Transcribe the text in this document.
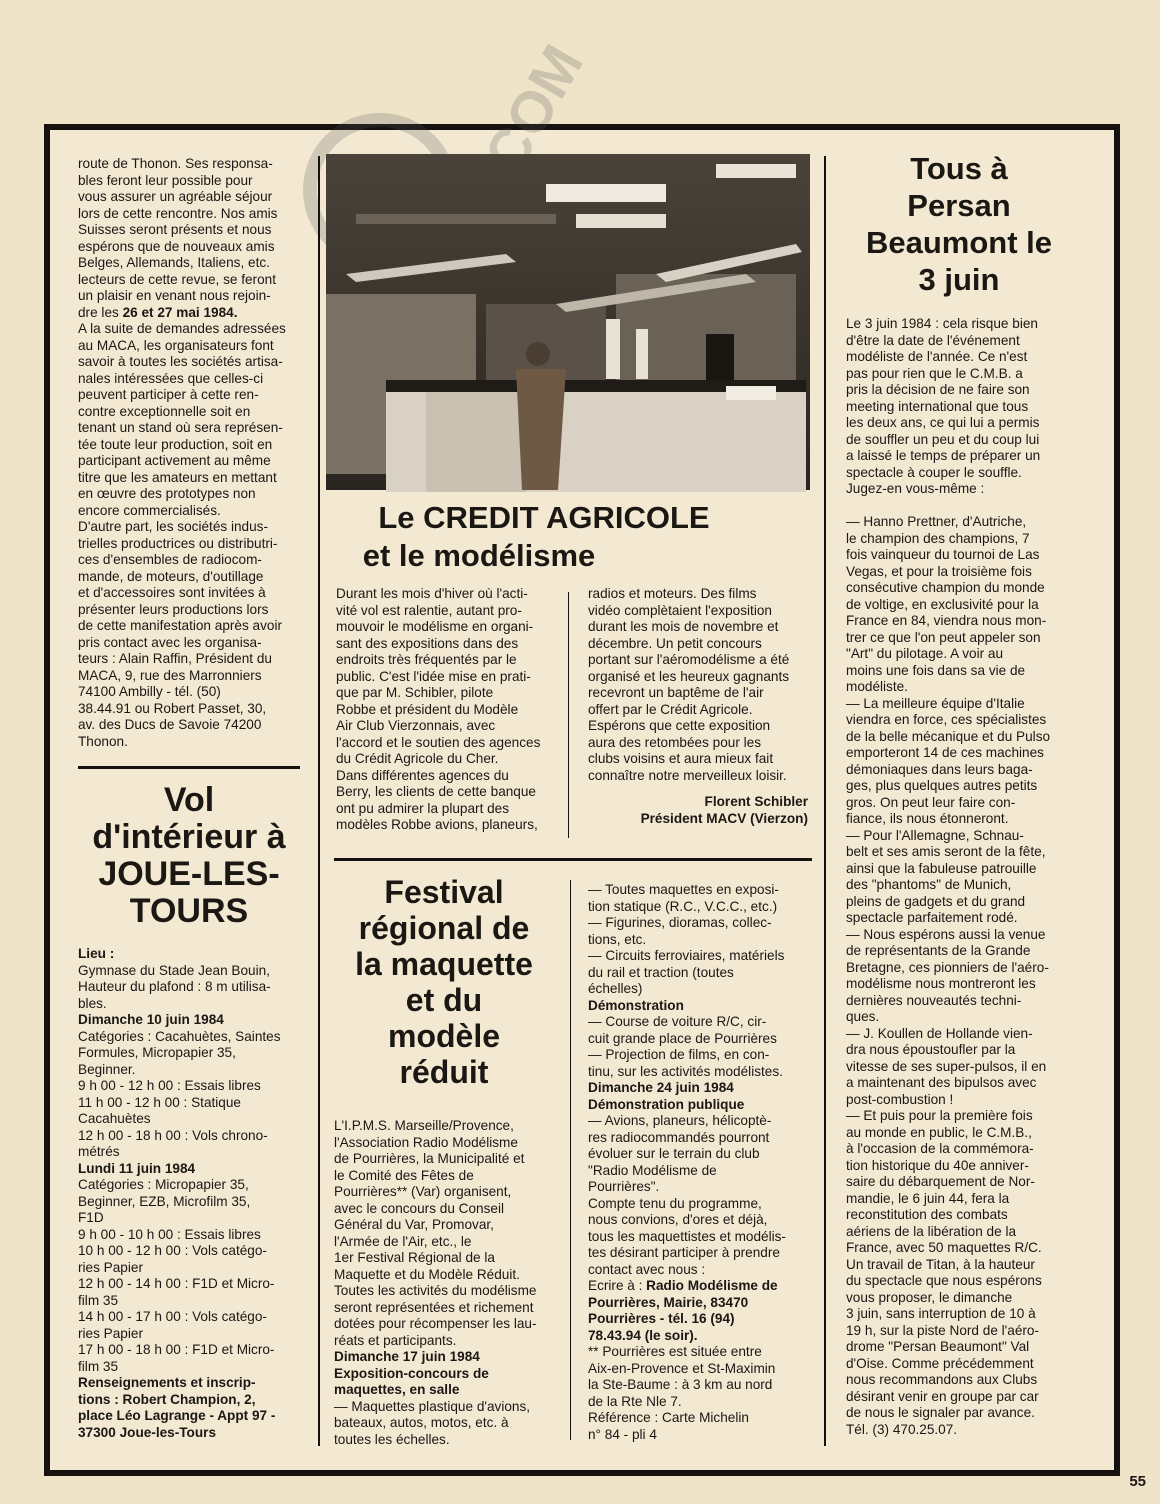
route de Thonon. Ses responsa-
bles feront leur possible pour
vous assurer un agréable séjour
lors de cette rencontre. Nos amis
Suisses seront présents et nous
espérons que de nouveaux amis
Belges, Allemands, Italiens, etc.
lecteurs de cette revue, se feront
un plaisir en venant nous rejoin-
dre les 26 et 27 mai 1984.
A la suite de demandes adressées
au MACA, les organisateurs font
savoir à toutes les sociétés artisa-
nales intéressées que celles-ci
peuvent participer à cette ren-
contre exceptionnelle soit en
tenant un stand où sera représen-
tée toute leur production, soit en
participant activement au même
titre que les amateurs en mettant
en œuvre des prototypes non
encore commercialisés.
D'autre part, les sociétés indus-
trielles productrices ou distributri-
ces d'ensembles de radiocom-
mande, de moteurs, d'outillage
et d'accessoires sont invitées à
présenter leurs productions lors
de cette manifestation après avoir
pris contact avec les organisa-
teurs : Alain Raffin, Président du
MACA, 9, rue des Marronniers
74100 Ambilly - tél. (50)
38.44.91 ou Robert Passet, 30,
av. des Ducs de Savoie 74200
Thonon.
Vol
d'intérieur à
JOUE-LES-
TOURS
Lieu :
Gymnase du Stade Jean Bouin,
Hauteur du plafond : 8 m utilisa-
bles.
Dimanche 10 juin 1984
Catégories : Cacahuètes, Saintes
Formules, Micropapier 35,
Beginner.
9 h 00 - 12 h 00 : Essais libres
11 h 00 - 12 h 00 : Statique
Cacahuètes
12 h 00 - 18 h 00 : Vols chrono-
métrés
Lundi 11 juin 1984
Catégories : Micropapier 35,
Beginner, EZB, Microfilm 35,
F1D
9 h 00 - 10 h 00 : Essais libres
10 h 00 - 12 h 00 : Vols catégo-
ries Papier
12 h 00 - 14 h 00 : F1D et Micro-
film 35
14 h 00 - 17 h 00 : Vols catégo-
ries Papier
17 h 00 - 18 h 00 : F1D et Micro-
film 35
Renseignements et inscrip-
tions : Robert Champion, 2,
place Léo Lagrange - Appt 97 -
37300 Joue-les-Tours
Le CREDIT AGRICOLE
et le modélisme
Durant les mois d'hiver où l'acti-
vité vol est ralentie, autant pro-
mouvoir le modélisme en organi-
sant des expositions dans des
endroits très fréquentés par le
public. C'est l'idée mise en prati-
que par M. Schibler, pilote
Robbe et président du Modèle
Air Club Vierzonnais, avec
l'accord et le soutien des agences
du Crédit Agricole du Cher.
Dans différentes agences du
Berry, les clients de cette banque
ont pu admirer la plupart des
modèles Robbe avions, planeurs,
radios et moteurs. Des films
vidéo complètaient l'exposition
durant les mois de novembre et
décembre. Un petit concours
portant sur l'aéromodélisme a été
organisé et les heureux gagnants
recevront un baptême de l'air
offert par le Crédit Agricole.
Espérons que cette exposition
aura des retombées pour les
clubs voisins et aura mieux fait
connaître notre merveilleux loisir.
Florent Schibler
Président MACV (Vierzon)
Festival
régional de
la maquette
et du
modèle
réduit
L'I.P.M.S. Marseille/Provence,
l'Association Radio Modélisme
de Pourrières, la Municipalité et
le Comité des Fêtes de
Pourrières** (Var) organisent,
avec le concours du Conseil
Général du Var, Promovar,
l'Armée de l'Air, etc., le
1er Festival Régional de la
Maquette et du Modèle Réduit.
Toutes les activités du modélisme
seront représentées et richement
dotées pour récompenser les lau-
réats et participants.
Dimanche 17 juin 1984
Exposition-concours de
maquettes, en salle
— Maquettes plastique d'avions,
bateaux, autos, motos, etc. à
toutes les échelles.
— Toutes maquettes en exposi-
tion statique (R.C., V.C.C., etc.)
— Figurines, dioramas, collec-
tions, etc.
— Circuits ferroviaires, matériels
du rail et traction (toutes
échelles)
Démonstration
— Course de voiture R/C, cir-
cuit grande place de Pourrières
— Projection de films, en con-
tinu, sur les activités modélistes.
Dimanche 24 juin 1984
Démonstration publique
— Avions, planeurs, hélicoptè-
res radiocommandés pourront
évoluer sur le terrain du club
"Radio Modélisme de
Pourrières".
Compte tenu du programme,
nous convions, d'ores et déjà,
tous les maquettistes et modélis-
tes désirant participer à prendre
contact avec nous :
Ecrire à : Radio Modélisme de
Pourrières, Mairie, 83470
Pourrières - tél. 16 (94)
78.43.94 (le soir).
** Pourrières est située entre
Aix-en-Provence et St-Maximin
la Ste-Baume : à 3 km au nord
de la Rte Nle 7.
Référence : Carte Michelin
n° 84 - pli 4
Tous à
Persan
Beaumont le
3 juin
Le 3 juin 1984 : cela risque bien
d'être la date de l'événement
modéliste de l'année. Ce n'est
pas pour rien que le C.M.B. a
pris la décision de ne faire son
meeting international que tous
les deux ans, ce qui lui a permis
de souffler un peu et du coup lui
a laissé le temps de préparer un
spectacle à couper le souffle.
Jugez-en vous-même :

— Hanno Prettner, d'Autriche,
le champion des champions, 7
fois vainqueur du tournoi de Las
Vegas, et pour la troisième fois
consécutive champion du monde
de voltige, en exclusivité pour la
France en 84, viendra nous mon-
trer ce que l'on peut appeler son
"Art" du pilotage. A voir au
moins une fois dans sa vie de
modéliste.
— La meilleure équipe d'Italie
viendra en force, ces spécialistes
de la belle mécanique et du Pulso
emporteront 14 de ces machines
démoniaques dans leurs baga-
ges, plus quelques autres petits
gros. On peut leur faire con-
fiance, ils nous étonneront.
— Pour l'Allemagne, Schnau-
belt et ses amis seront de la fête,
ainsi que la fabuleuse patrouille
des "phantoms" de Munich,
pleins de gadgets et du grand
spectacle parfaitement rodé.
— Nous espérons aussi la venue
de représentants de la Grande
Bretagne, ces pionniers de l'aéro-
modélisme nous montreront les
dernières nouveautés techni-
ques.
— J. Koullen de Hollande vien-
dra nous époustoufler par la
vitesse de ses super-pulsos, il en
a maintenant des bipulsos avec
post-combustion !
— Et puis pour la première fois
au monde en public, le C.M.B.,
à l'occasion de la commémora-
tion historique du 40e anniver-
saire du débarquement de Nor-
mandie, le 6 juin 44, fera la
reconstitution des combats
aériens de la libération de la
France, avec 50 maquettes R/C.
Un travail de Titan, à la hauteur
du spectacle que nous espérons
vous proposer, le dimanche
3 juin, sans interruption de 10 à
19 h, sur la piste Nord de l'aéro-
drome "Persan Beaumont" Val
d'Oise. Comme précédemment
nous recommandons aux Clubs
désirant venir en groupe par car
de nous le signaler par avance.
Tél. (3) 470.25.07.
55
